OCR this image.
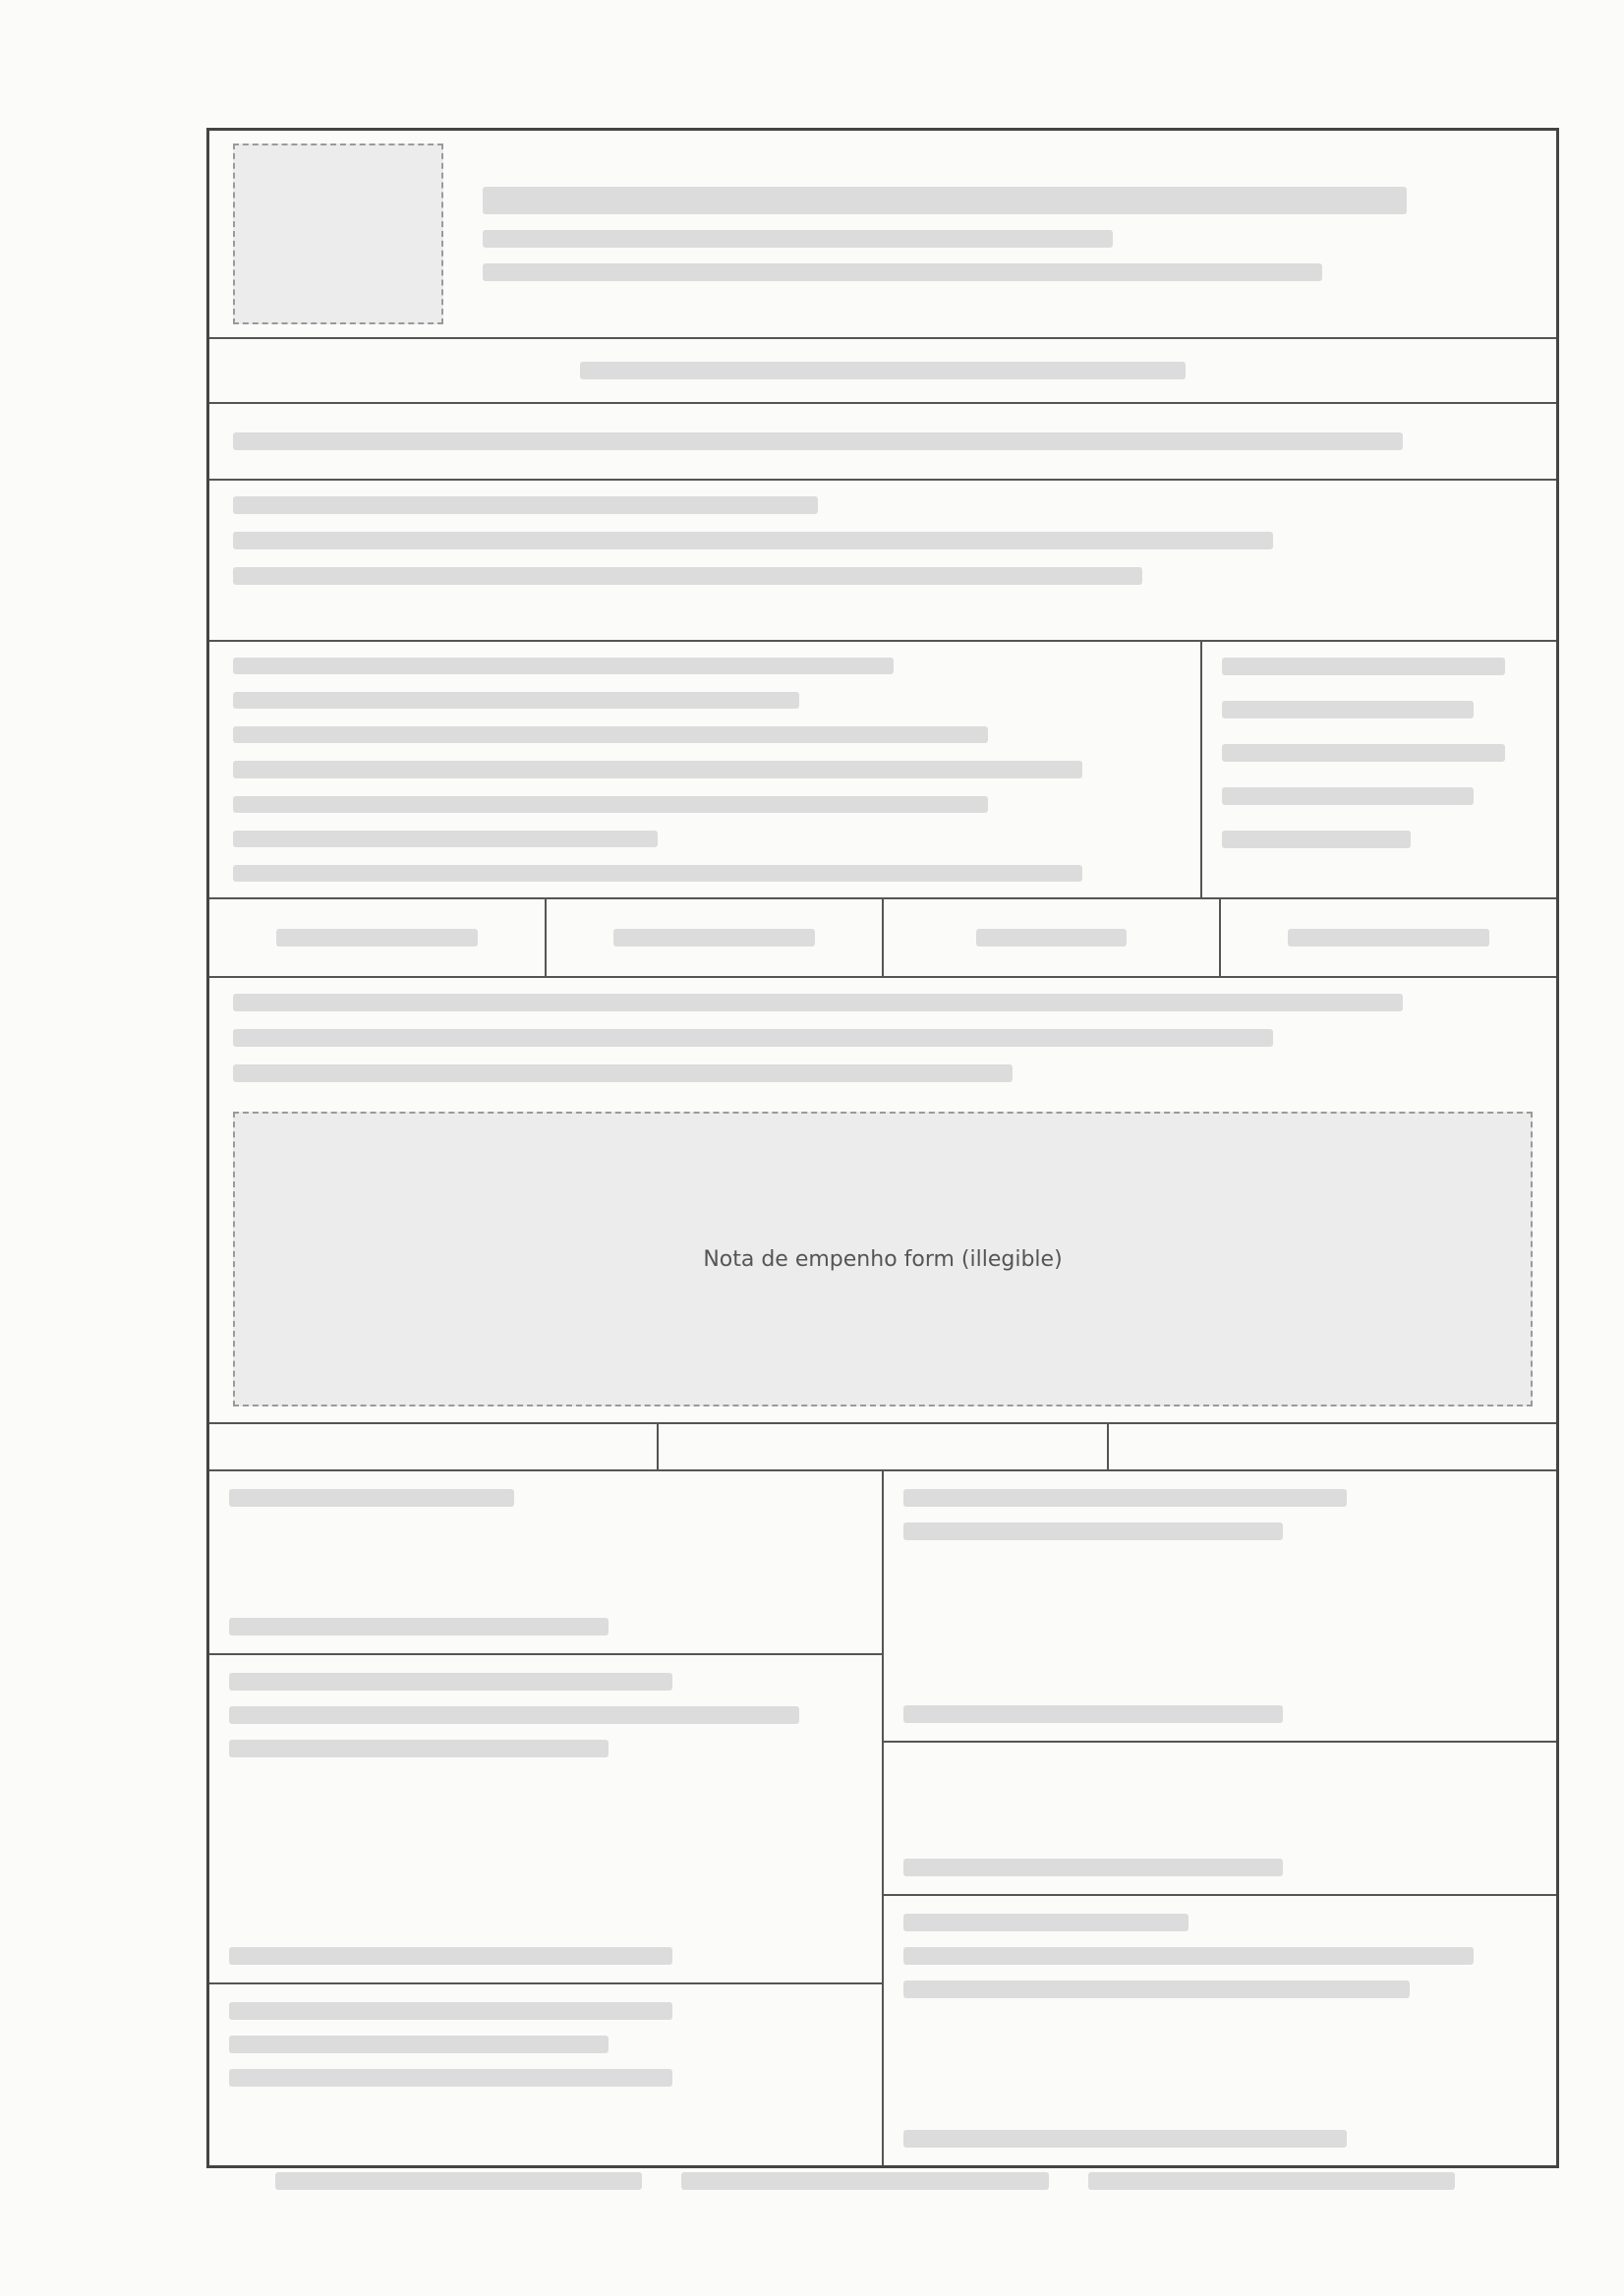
Nota de empenho form (illegible)
